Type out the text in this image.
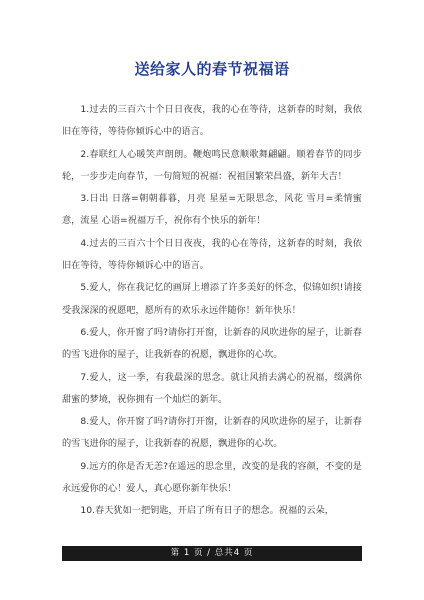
送给家人的春节祝福语

1.过去的三百六十个日日夜夜，我的心在等待，这新春的时刻，我依旧在等待，等待你倾诉心中的语言。

2.春联红人心暖笑声朗朗。鞭炮鸣民意顺歌舞翩翩。顺着春节的同步轮，一步步走向春节，一句简短的祝福：祝祖国繁荣昌盛，新年大吉！

3.日出 日落=朝朝暮暮，月亮 星星=无限思念，风花 雪月=柔情蜜意，流星 心语=祝福万千，祝你有个快乐的新年！

4.过去的三百六十个日日夜夜，我的心在等待，这新春的时刻，我依旧在等待，等待你倾诉心中的语言。

5.爱人，你在我记忆的画屏上增添了许多美好的怀念，似锦如织!请接受我深深的祝愿吧，愿所有的欢乐永远伴随你！新年快乐！

6.爱人，你开窗了吗?请你打开窗，让新春的风吹进你的屋子，让新春的雪飞进你的屋子，让我新春的祝愿，飘进你的心坎。

7.爱人，这一季，有我最深的思念。就让风捎去满心的祝福，缀满你甜蜜的梦境，祝你拥有一个灿烂的新年。

8.爱人，你开窗了吗?请你打开窗，让新春的风吹进你的屋子，让新春的雪飞进你的屋子，让我新春的祝愿，飘进你的心坎。

9.远方的你是否无恙?在遥远的思念里，改变的是我的容颜，不变的是永远爱你的心！爱人，真心愿你新年快乐！

10.春天犹如一把钥匙，开启了所有日子的想念。祝福的云朵，

第 1 页 / 总共4 页
